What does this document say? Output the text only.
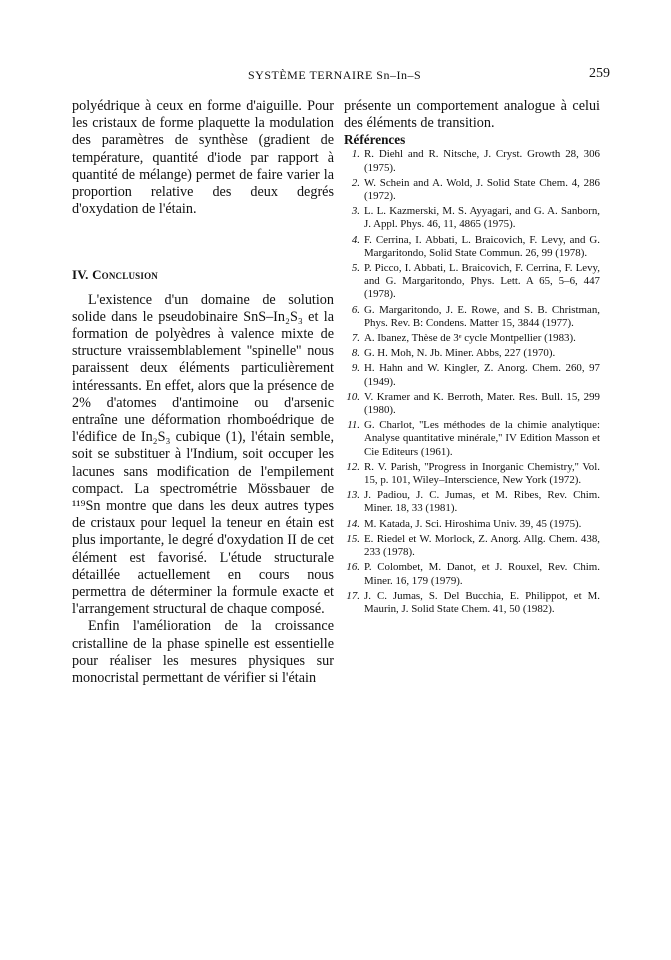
SYSTÈME TERNAIRE Sn–In–S	259

polyédrique à ceux en forme d'aiguille. Pour les cristaux de forme plaquette la modulation des paramètres de synthèse (gradient de température, quantité d'iode par rapport à quantité de mélange) permet de faire varier la proportion relative des deux degrés d'oxydation de l'étain.

IV. Conclusion

L'existence d'un domaine de solution solide dans le pseudobinaire SnS–In₂S₃ et la formation de polyèdres à valence mixte de structure vraissemblablement ''spinelle'' nous paraissent deux éléments particulièrement intéressants. En effet, alors que la présence de 2% d'atomes d'antimoine ou d'arsenic entraîne une déformation rhomboédrique de l'édifice de In₂S₃ cubique (1), l'étain semble, soit se substituer à l'Indium, soit occuper les lacunes sans modification de l'empilement compact. La spectrométrie Mössbauer de ¹¹⁹Sn montre que dans les deux autres types de cristaux pour lequel la teneur en étain est plus importante, le degré d'oxydation II de cet élément est favorisé. L'étude structurale détaillée actuellement en cours nous permettra de déterminer la formule exacte et l'arrangement structural de chaque composé.

Enfin l'amélioration de la croissance cristalline de la phase spinelle est essentielle pour réaliser les mesures physiques sur monocristal permettant de vérifier si l'étain

présente un comportement analogue à celui des éléments de transition.

Références

1. R. Diehl and R. Nitsche, J. Cryst. Growth 28, 306 (1975).
2. W. Schein and A. Wold, J. Solid State Chem. 4, 286 (1972).
3. L. L. Kazmerski, M. S. Ayyagari, and G. A. Sanborn, J. Appl. Phys. 46, 11, 4865 (1975).
4. F. Cerrina, I. Abbati, L. Braicovich, F. Levy, and G. Margaritondo, Solid State Commun. 26, 99 (1978).
5. P. Picco, I. Abbati, L. Braicovich, F. Cerrina, F. Levy, and G. Margaritondo, Phys. Lett. A 65, 5–6, 447 (1978).
6. G. Margaritondo, J. E. Rowe, and S. B. Christman, Phys. Rev. B: Condens. Matter 15, 3844 (1977).
7. A. Ibanez, Thèse de 3ᵉ cycle Montpellier (1983).
8. G. H. Moh, N. Jb. Miner. Abbs, 227 (1970).
9. H. Hahn and W. Kingler, Z. Anorg. Chem. 260, 97 (1949).
10. V. Kramer and K. Berroth, Mater. Res. Bull. 15, 299 (1980).
11. G. Charlot, ''Les méthodes de la chimie analytique: Analyse quantitative minérale,'' IV Edition Masson et Cie Editeurs (1961).
12. R. V. Parish, ''Progress in Inorganic Chemistry,'' Vol. 15, p. 101, Wiley–Interscience, New York (1972).
13. J. Padiou, J. C. Jumas, et M. Ribes, Rev. Chim. Miner. 18, 33 (1981).
14. M. Katada, J. Sci. Hiroshima Univ. 39, 45 (1975).
15. E. Riedel et W. Morlock, Z. Anorg. Allg. Chem. 438, 233 (1978).
16. P. Colombet, M. Danot, et J. Rouxel, Rev. Chim. Miner. 16, 179 (1979).
17. J. C. Jumas, S. Del Bucchia, E. Philippot, et M. Maurin, J. Solid State Chem. 41, 50 (1982).
